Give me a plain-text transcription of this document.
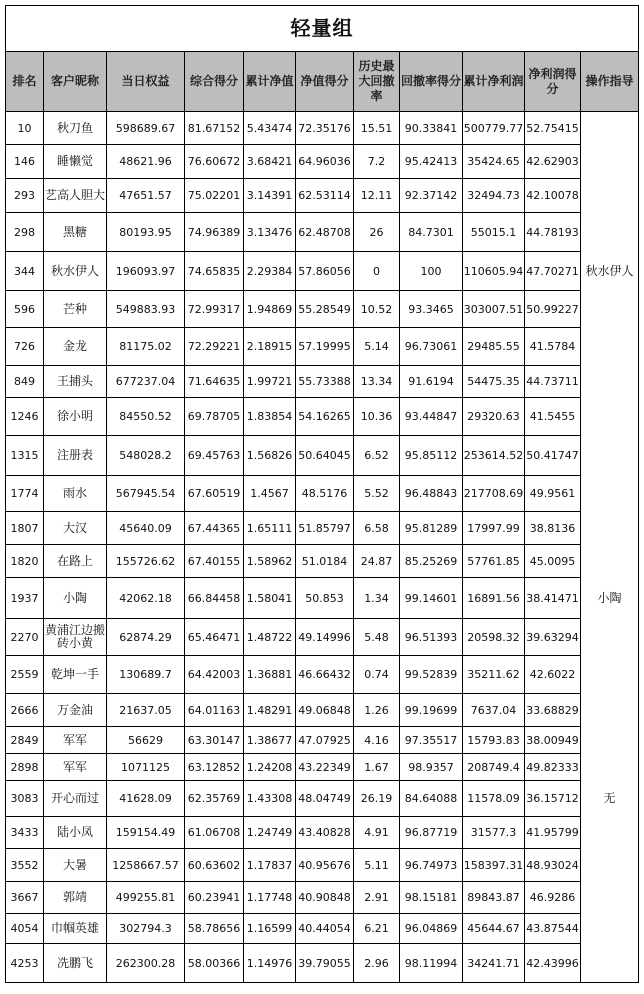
轻量组										
排名	客户昵称	当日权益	综合得分	累计净值	净值得分	历史最大回撤率	回撤率得分	累计净利润	净利润得分	操作指导
10	秋刀鱼	598689.67	81.67152	5.43474	72.35176	15.51	90.33841	500779.77	52.75415	
146	睡懒觉	48621.96	76.60672	3.68421	64.96036	7.2	95.42413	35424.65	42.62903	
293	艺高人胆大	47651.57	75.02201	3.14391	62.53114	12.11	92.37142	32494.73	42.10078	
298	黑糖	80193.95	74.96389	3.13476	62.48708	26	84.7301	55015.1	44.78193	
344	秋水伊人	196093.97	74.65835	2.29384	57.86056	0	100	110605.94	47.70271	秋水伊人
596	芒种	549883.93	72.99317	1.94869	55.28549	10.52	93.3465	303007.51	50.99227	
726	金龙	81175.02	72.29221	2.18915	57.19995	5.14	96.73061	29485.55	41.5784	
849	王捕头	677237.04	71.64635	1.99721	55.73388	13.34	91.6194	54475.35	44.73711	
1246	徐小明	84550.52	69.78705	1.83854	54.16265	10.36	93.44847	29320.63	41.5455	
1315	注册表	548028.2	69.45763	1.56826	50.64045	6.52	95.85112	253614.52	50.41747	
1774	雨水	567945.54	67.60519	1.4567	48.5176	5.52	96.48843	217708.69	49.9561	
1807	大汉	45640.09	67.44365	1.65111	51.85797	6.58	95.81289	17997.99	38.8136	
1820	在路上	155726.62	67.40155	1.58962	51.0184	24.87	85.25269	57761.85	45.0095	
1937	小陶	42062.18	66.84458	1.58041	50.853	1.34	99.14601	16891.56	38.41471	小陶
2270	黄浦江边搬砖小黄	62874.29	65.46471	1.48722	49.14996	5.48	96.51393	20598.32	39.63294	
2559	乾坤一手	130689.7	64.42003	1.36881	46.66432	0.74	99.52839	35211.62	42.6022	
2666	万金油	21637.05	64.01163	1.48291	49.06848	1.26	99.19699	7637.04	33.68829	
2849	军军	56629	63.30147	1.38677	47.07925	4.16	97.35517	15793.83	38.00949	
2898	军军	1071125	63.12852	1.24208	43.22349	1.67	98.9357	208749.4	49.82333	
3083	开心而过	41628.09	62.35769	1.43308	48.04749	26.19	84.64088	11578.09	36.15712	无
3433	陆小凤	159154.49	61.06708	1.24749	43.40828	4.91	96.87719	31577.3	41.95799	
3552	大暑	1258667.57	60.63602	1.17837	40.95676	5.11	96.74973	158397.31	48.93024	
3667	郭靖	499255.81	60.23941	1.17748	40.90848	2.91	98.15181	89843.87	46.9286	
4054	巾帼英雄	302794.3	58.78656	1.16599	40.44054	6.21	96.04869	45644.67	43.87544	
4253	冼鹏飞	262300.28	58.00366	1.14976	39.79055	2.96	98.11994	34241.71	42.43996	
